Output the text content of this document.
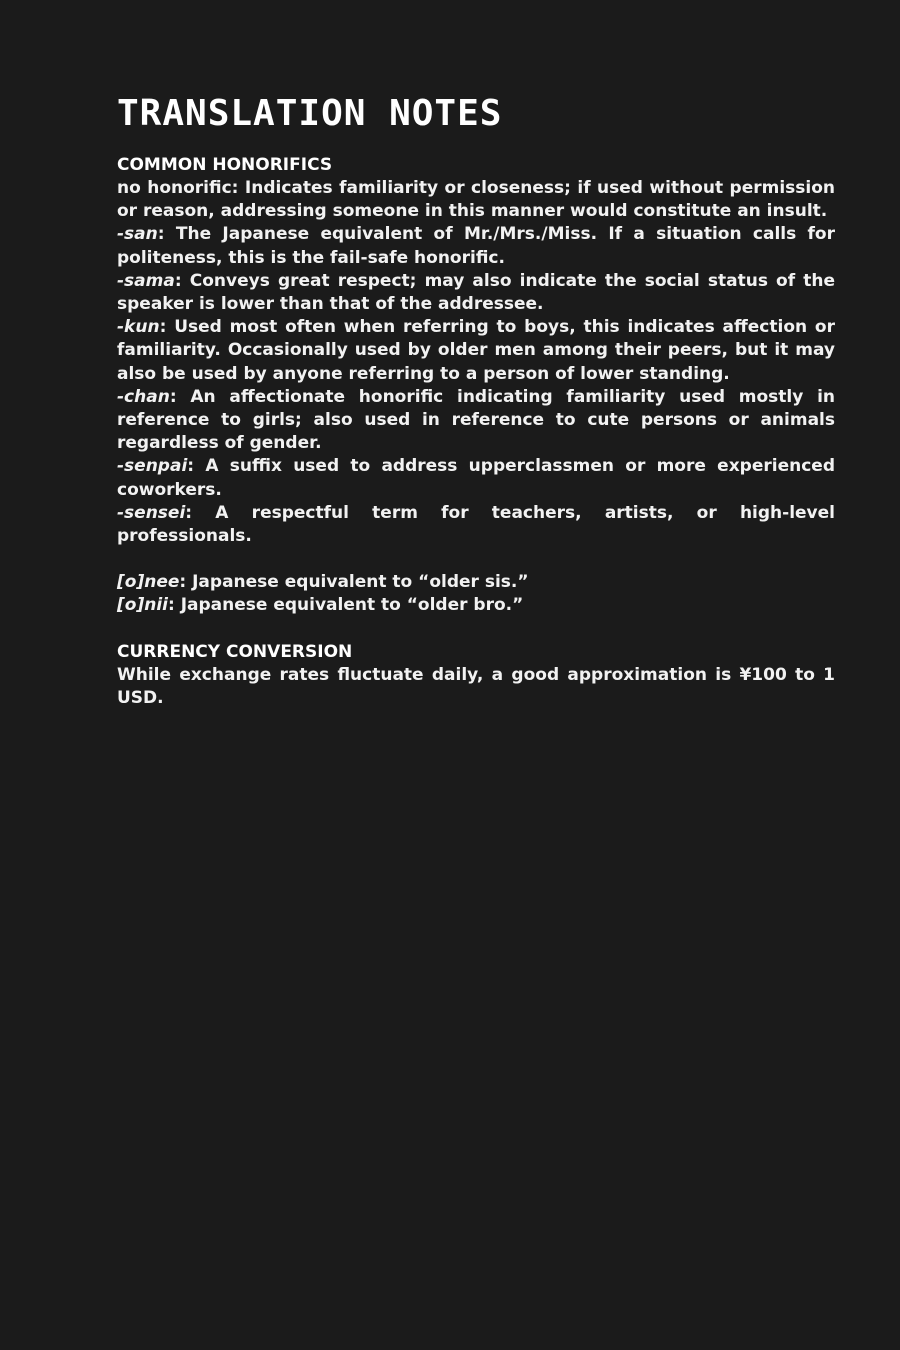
TRANSLATION NOTES

COMMON HONORIFICS

no honorific: Indicates familiarity or closeness; if used without permission or reason, addressing someone in this manner would constitute an insult.

-san: The Japanese equivalent of Mr./Mrs./Miss. If a situation calls for politeness, this is the fail-safe honorific.

-sama: Conveys great respect; may also indicate the social status of the speaker is lower than that of the addressee.

-kun: Used most often when referring to boys, this indicates affection or familiarity. Occasionally used by older men among their peers, but it may also be used by anyone referring to a person of lower standing.

-chan: An affectionate honorific indicating familiarity used mostly in reference to girls; also used in reference to cute persons or animals regardless of gender.

-senpai: A suffix used to address upperclassmen or more experienced coworkers.

-sensei: A respectful term for teachers, artists, or high-level professionals.

[o]nee: Japanese equivalent to “older sis.”

[o]nii: Japanese equivalent to “older bro.”

CURRENCY CONVERSION

While exchange rates fluctuate daily, a good approximation is ¥100 to 1 USD.
